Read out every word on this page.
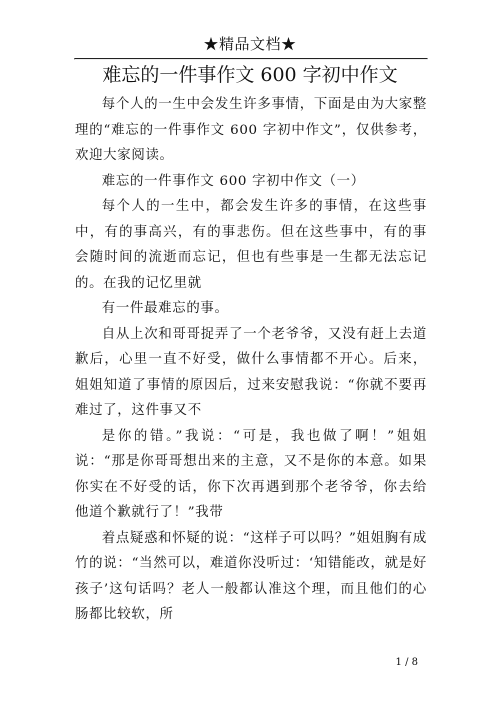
★精品文档★
难忘的一件事作文 600 字初中作文

每个人的一生中会发生许多事情，下面是由为大家整理的“难忘的一件事作文 600 字初中作文”，仅供参考，欢迎大家阅读。

难忘的一件事作文 600 字初中作文（一）

每个人的一生中，都会发生许多的事情，在这些事中，有的事高兴，有的事悲伤。但在这些事中，有的事会随时间的流逝而忘记，但也有些事是一生都无法忘记的。在我的记忆里就

有一件最难忘的事。

自从上次和哥哥捉弄了一个老爷爷，又没有赶上去道歉后，心里一直不好受，做什么事情都不开心。后来，姐姐知道了事情的原因后，过来安慰我说：“你就不要再难过了，这件事又不

是你的错。”我说：“可是，我也做了啊！”姐姐说：“那是你哥哥想出来的主意，又不是你的本意。如果你实在不好受的话，你下次再遇到那个老爷爷，你去给他道个歉就行了！”我带

着点疑惑和怀疑的说：“这样子可以吗？”姐姐胸有成竹的说：“当然可以，难道你没听过：‘知错能改，就是好孩子’这句话吗？老人一般都认准这个理，而且他们的心肠都比较软，所

1 / 8
